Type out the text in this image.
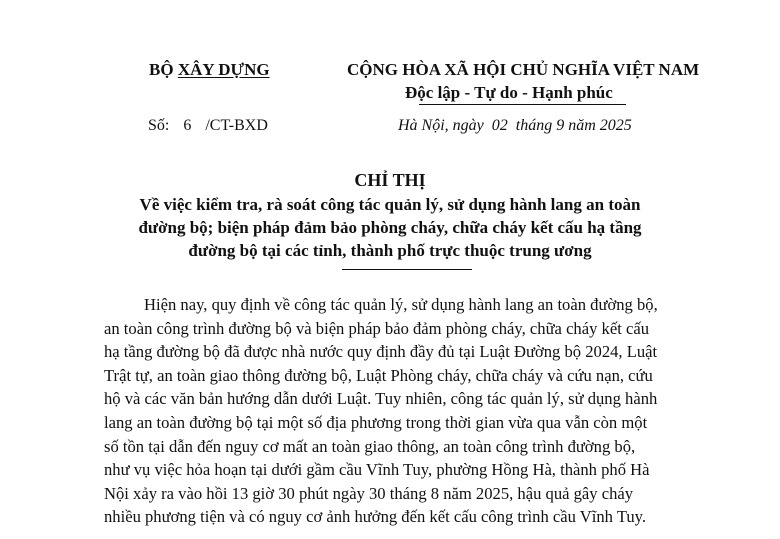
BỘ XÂY DỰNG	CỘNG HÒA XÃ HỘI CHỦ NGHĨA VIỆT NAM
Độc lập - Tự do - Hạnh phúc
Số: 6 /CT-BXD	Hà Nội, ngày  02  tháng 9 năm 2025
CHỈ THỊ
Về việc kiểm tra, rà soát công tác quản lý, sử dụng hành lang an toàn
đường bộ; biện pháp đảm bảo phòng cháy, chữa cháy kết cấu hạ tầng
đường bộ tại các tỉnh, thành phố trực thuộc trung ương
Hiện nay, quy định về công tác quản lý, sử dụng hành lang an toàn đường bộ,
an toàn công trình đường bộ và biện pháp bảo đảm phòng cháy, chữa cháy kết cấu
hạ tầng đường bộ đã được nhà nước quy định đầy đủ tại Luật Đường bộ 2024, Luật
Trật tự, an toàn giao thông đường bộ, Luật Phòng cháy, chữa cháy và cứu nạn, cứu
hộ và các văn bản hướng dẫn dưới Luật. Tuy nhiên, công tác quản lý, sử dụng hành
lang an toàn đường bộ tại một số địa phương trong thời gian vừa qua vẫn còn một
số tồn tại dẫn đến nguy cơ mất an toàn giao thông, an toàn công trình đường bộ,
như vụ việc hỏa hoạn tại dưới gầm cầu Vĩnh Tuy, phường Hồng Hà, thành phố Hà
Nội xảy ra vào hồi 13 giờ 30 phút ngày 30 tháng 8 năm 2025, hậu quả gây cháy
nhiều phương tiện và có nguy cơ ảnh hưởng đến kết cấu công trình cầu Vĩnh Tuy.
